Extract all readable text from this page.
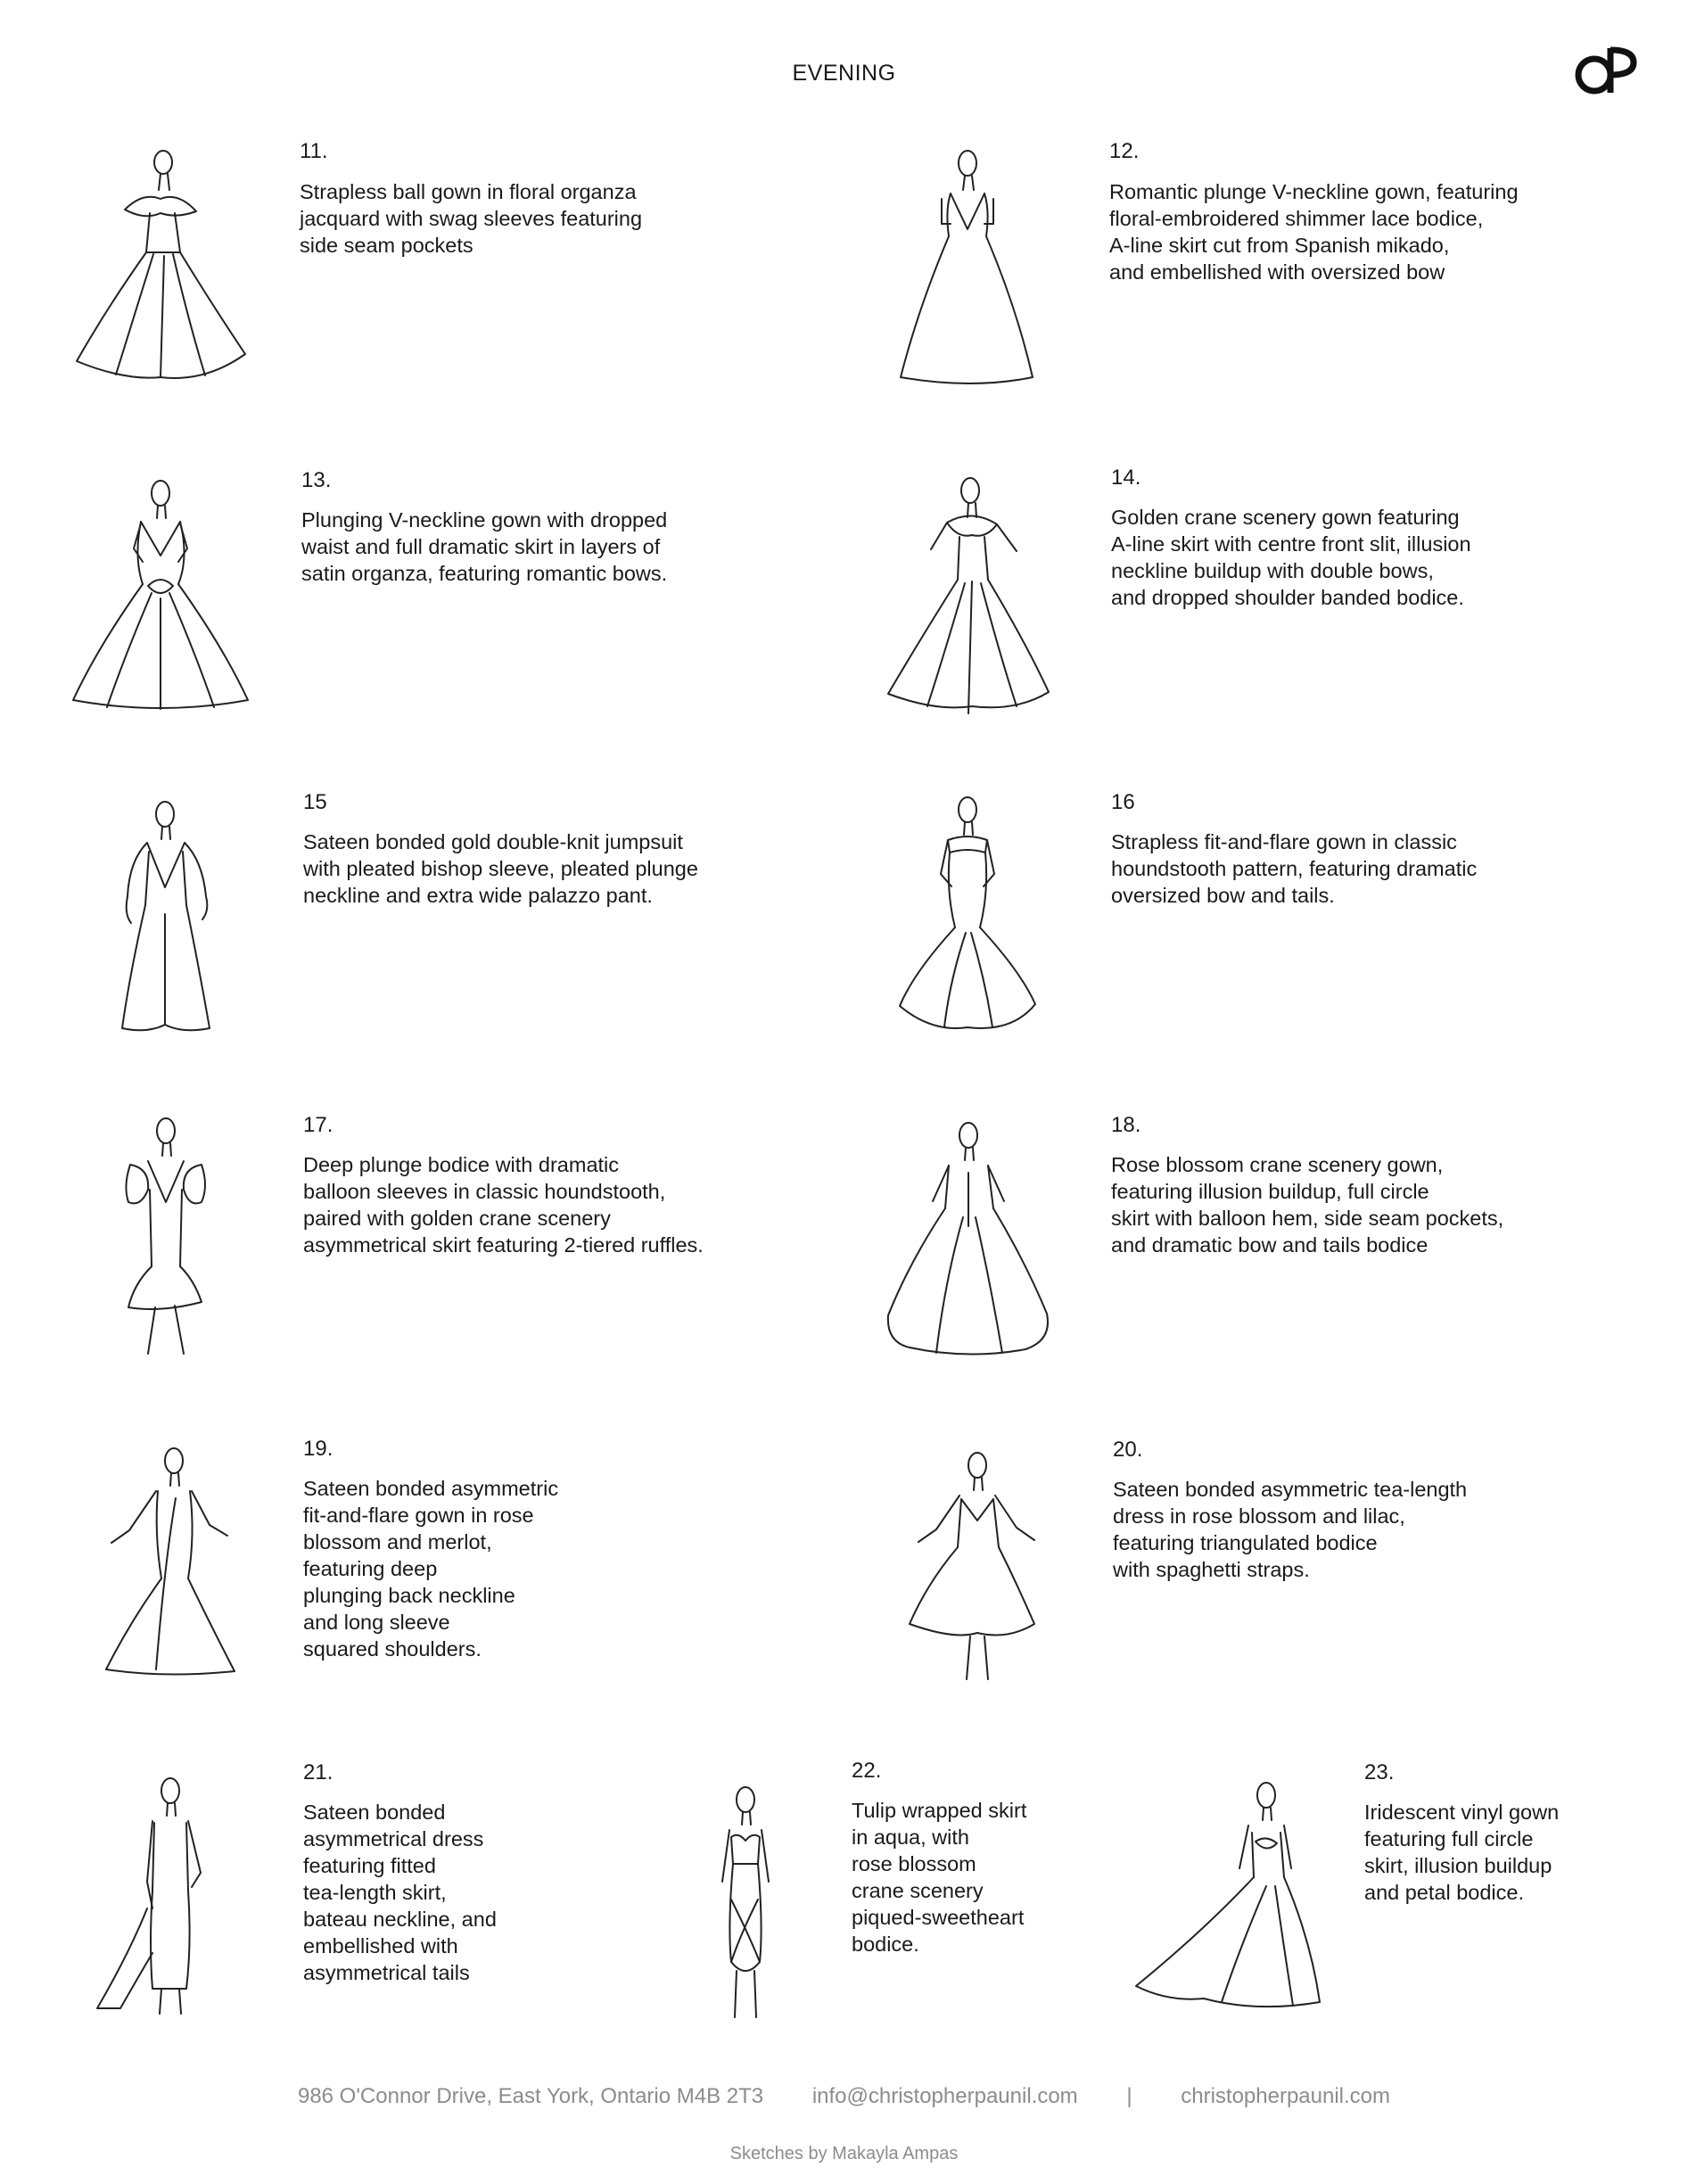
EVENING
11.
Strapless ball gown in floral organza
jacquard with swag sleeves featuring
side seam pockets
12.
Romantic plunge V-neckline gown, featuring
floral-embroidered shimmer lace bodice,
A-line skirt cut from Spanish mikado,
and embellished with oversized bow
13.
Plunging V-neckline gown with dropped
waist and full dramatic skirt in layers of
satin organza, featuring romantic bows.
14.
Golden crane scenery gown featuring
A-line skirt with centre front slit, illusion
neckline buildup with double bows,
and dropped shoulder banded bodice.
15
Sateen bonded gold double-knit jumpsuit
with pleated bishop sleeve, pleated plunge
neckline and extra wide palazzo pant.
16
Strapless fit-and-flare gown in classic
houndstooth pattern, featuring dramatic
oversized bow and tails.
17.
Deep plunge bodice with dramatic
balloon sleeves in classic houndstooth,
paired with golden crane scenery
asymmetrical skirt featuring 2-tiered ruffles.
18.
Rose blossom crane scenery gown,
featuring illusion buildup, full circle
skirt with balloon hem, side seam pockets,
and dramatic bow and tails bodice
19.
Sateen bonded asymmetric
fit-and-flare gown in rose
blossom and merlot,
featuring deep
plunging back neckline
and long sleeve
squared shoulders.
20.
Sateen bonded asymmetric tea-length
dress in rose blossom and lilac,
featuring triangulated bodice
with spaghetti straps.
21.
Sateen bonded
asymmetrical dress
featuring fitted
tea-length skirt,
bateau neckline, and
embellished with
asymmetrical tails
22.
Tulip wrapped skirt
in aqua, with
rose blossom
crane scenery
piqued-sweetheart
bodice.
23.
Iridescent vinyl gown
featuring full circle
skirt, illusion buildup
and petal bodice.
986 O'Connor Drive, East York, Ontario M4B 2T3 info@christopherpaunil.com | christopherpaunil.com
Sketches by Makayla Ampas
